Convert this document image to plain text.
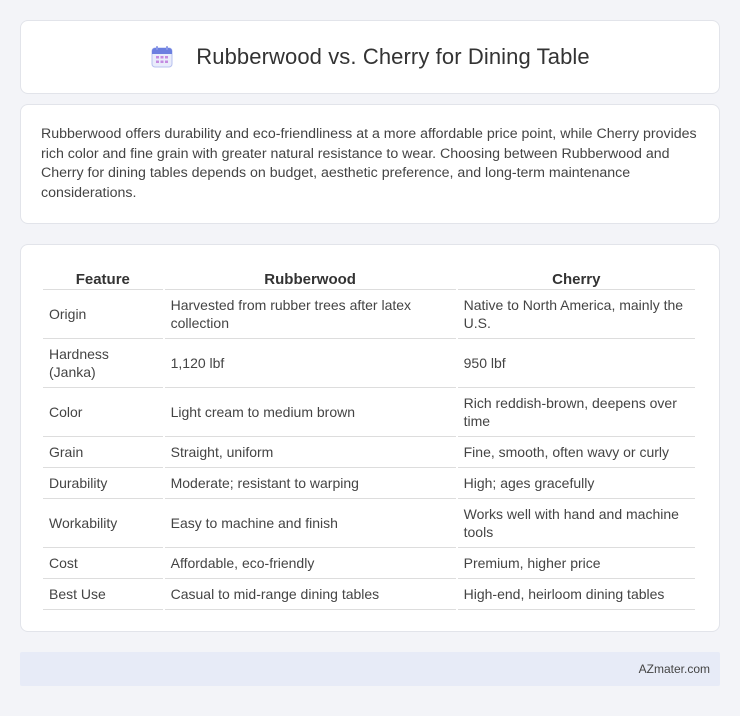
Rubberwood vs. Cherry for Dining Table

Rubberwood offers durability and eco-friendliness at a more affordable price point, while Cherry provides rich color and fine grain with greater natural resistance to wear. Choosing between Rubberwood and Cherry for dining tables depends on budget, aesthetic preference, and long-term maintenance considerations.

Feature	Rubberwood	Cherry
Origin	Harvested from rubber trees after latex collection	Native to North America, mainly the U.S.
Hardness (Janka)	1,120 lbf	950 lbf
Color	Light cream to medium brown	Rich reddish-brown, deepens over time
Grain	Straight, uniform	Fine, smooth, often wavy or curly
Durability	Moderate; resistant to warping	High; ages gracefully
Workability	Easy to machine and finish	Works well with hand and machine tools
Cost	Affordable, eco-friendly	Premium, higher price
Best Use	Casual to mid-range dining tables	High-end, heirloom dining tables
AZmater.com
